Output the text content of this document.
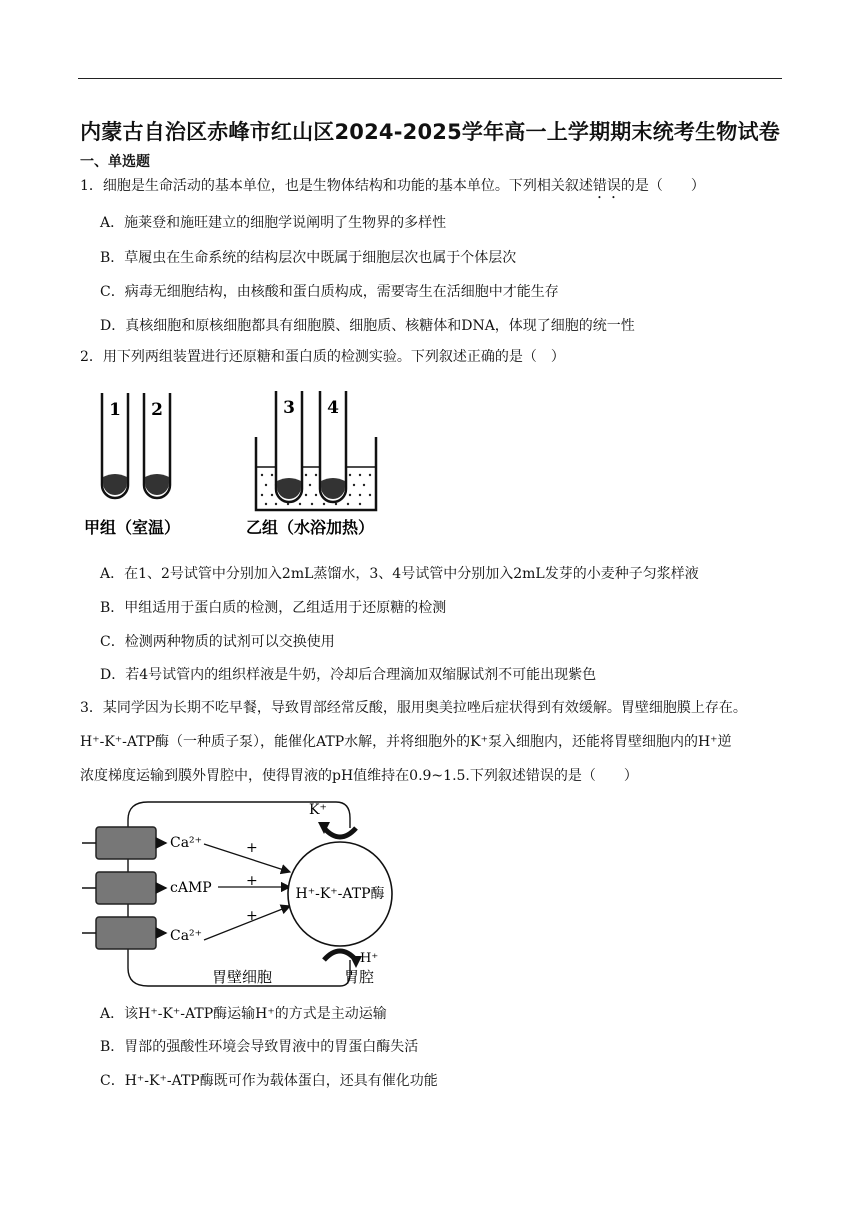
内蒙古自治区赤峰市红山区2024-2025学年高一上学期期末统考生物试卷
一、单选题
1．细胞是生命活动的基本单位，也是生物体结构和功能的基本单位。下列相关叙述错误的是（　　）
A．施莱登和施旺建立的细胞学说阐明了生物界的多样性
B．草履虫在生命系统的结构层次中既属于细胞层次也属于个体层次
C．病毒无细胞结构，由核酸和蛋白质构成，需要寄生在活细胞中才能生存
D．真核细胞和原核细胞都具有细胞膜、细胞质、核糖体和DNA，体现了细胞的统一性
2．用下列两组装置进行还原糖和蛋白质的检测实验。下列叙述正确的是（　）
1 2	3 4
甲组（室温）	乙组（水浴加热）
A．在1、2号试管中分别加入2mL蒸馏水，3、4号试管中分别加入2mL发芽的小麦种子匀浆样液
B．甲组适用于蛋白质的检测，乙组适用于还原糖的检测
C．检测两种物质的试剂可以交换使用
D．若4号试管内的组织样液是牛奶，冷却后合理滴加双缩脲试剂不可能出现紫色
3．某同学因为长期不吃早餐，导致胃部经常反酸，服用奥美拉唑后症状得到有效缓解。胃壁细胞膜上存在。
H⁺-K⁺-ATP酶（一种质子泵），能催化ATP水解，并将细胞外的K⁺泵入细胞内，还能将胃壁细胞内的H⁺逆
浓度梯度运输到膜外胃腔中，使得胃液的pH值维持在0.9~1.5.下列叙述错误的是（　　）
Ca²⁺
cAMP
Ca²⁺
+
+
+
H⁺-K⁺-ATP酶
K⁺
H⁺
胃壁细胞	胃腔
A．该H⁺-K⁺-ATP酶运输H⁺的方式是主动运输
B．胃部的强酸性环境会导致胃液中的胃蛋白酶失活
C．H⁺-K⁺-ATP酶既可作为载体蛋白，还具有催化功能
